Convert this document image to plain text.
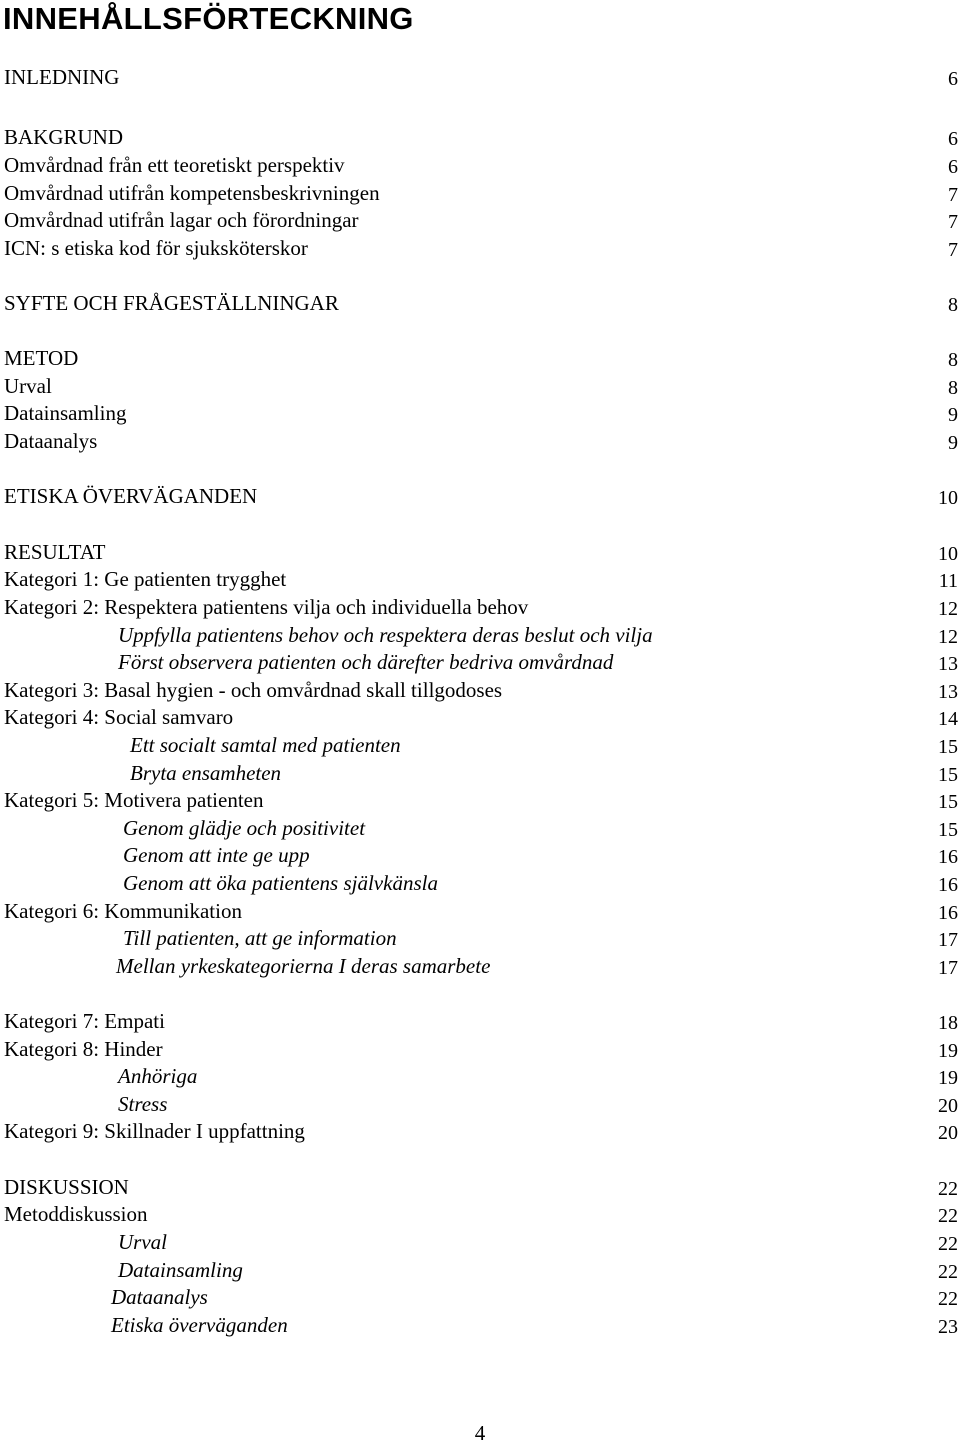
INNEHÅLLSFÖRTECKNING
INLEDNING	6
BAKGRUND	6
Omvårdnad från ett teoretiskt perspektiv	6
Omvårdnad utifrån kompetensbeskrivningen	7
Omvårdnad utifrån lagar och förordningar	7
ICN: s etiska kod för sjuksköterskor	7
SYFTE OCH FRÅGESTÄLLNINGAR	8
METOD	8
Urval	8
Datainsamling	9
Dataanalys	9
ETISKA ÖVERVÄGANDEN	10
RESULTAT	10
Kategori 1: Ge patienten trygghet	11
Kategori 2: Respektera patientens vilja och individuella behov	12
Uppfylla patientens behov och respektera deras beslut och vilja	12
Först observera patienten och därefter bedriva omvårdnad	13
Kategori 3: Basal hygien - och omvårdnad skall tillgodoses	13
Kategori 4: Social samvaro	14
Ett socialt samtal med patienten	15
Bryta ensamheten	15
Kategori 5: Motivera patienten	15
Genom glädje och positivitet	15
Genom att inte ge upp	16
Genom att öka patientens självkänsla	16
Kategori 6: Kommunikation	16
Till patienten, att ge information	17
Mellan yrkeskategorierna I deras samarbete	17
Kategori 7: Empati	18
Kategori 8: Hinder	19
Anhöriga	19
Stress	20
Kategori 9: Skillnader I uppfattning	20
DISKUSSION	22
Metoddiskussion	22
Urval	22
Datainsamling	22
Dataanalys	22
Etiska överväganden	23
4
